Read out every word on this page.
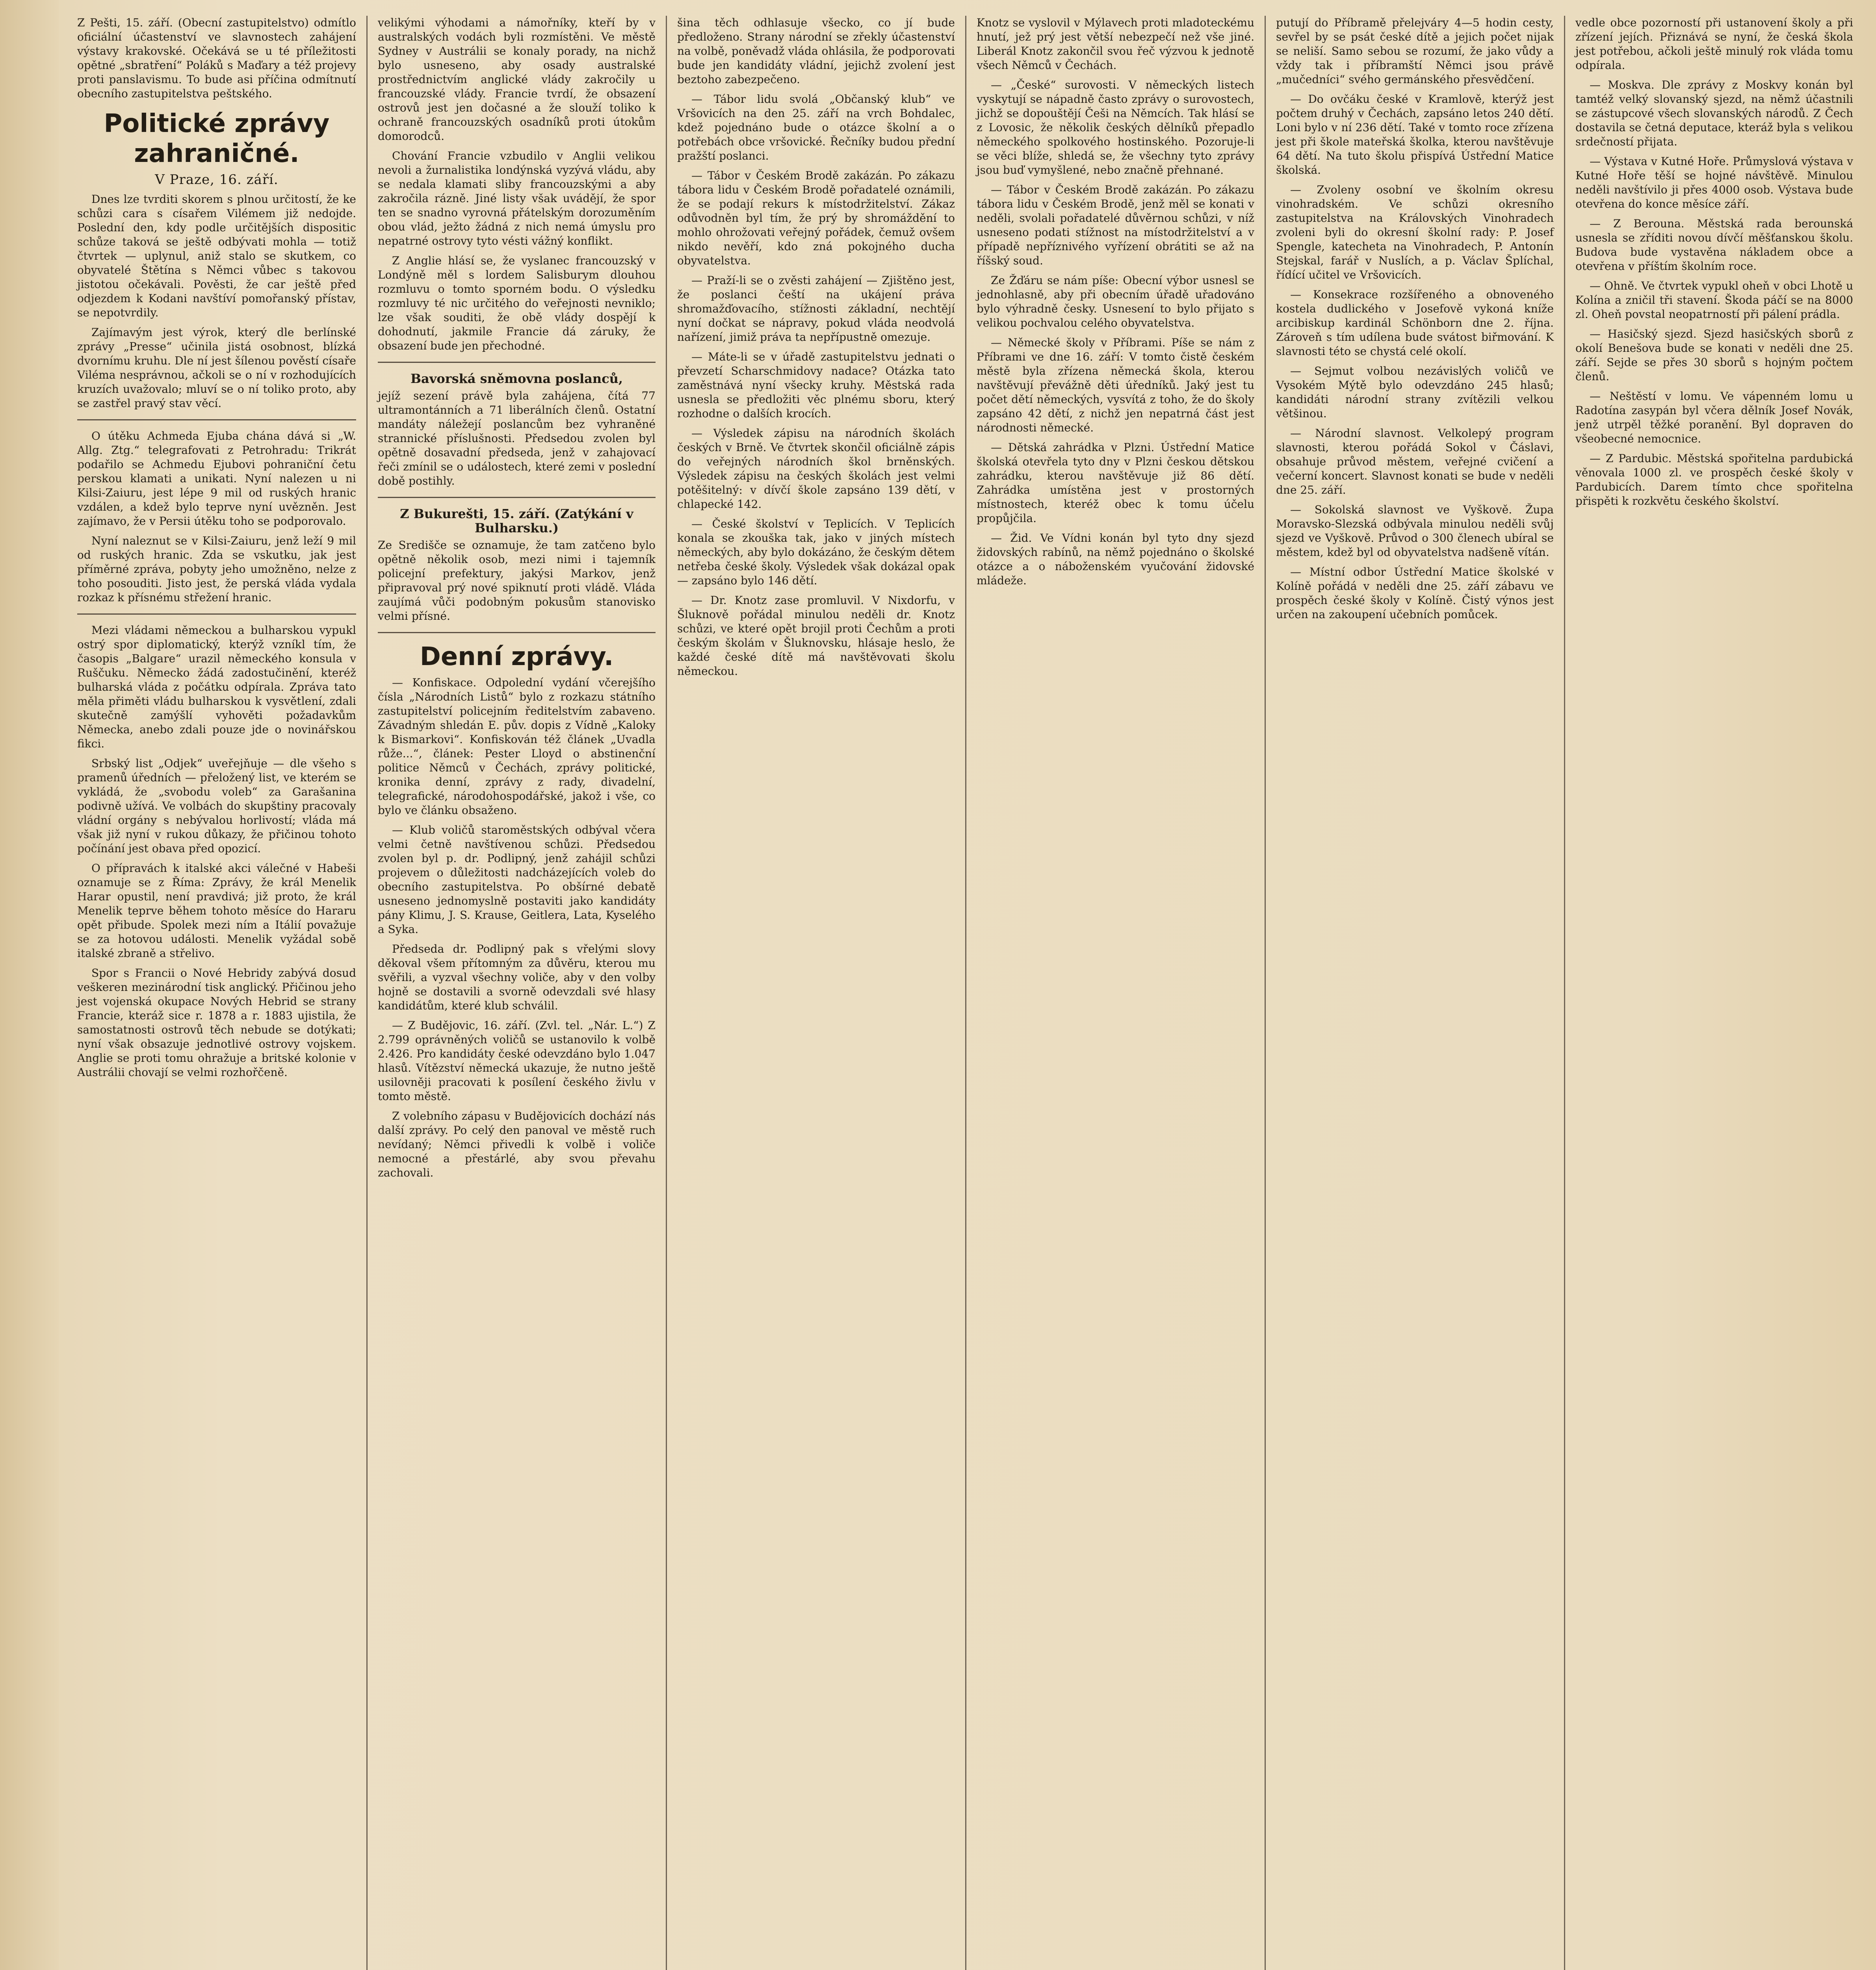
Z Pešti, 15. září. (Obecní zastupitelstvo) odmítlo oficiální účastenství ve slavnostech zahájení výstavy krakovské. Očekává se u té příležitosti opětné „sbratření“ Poláků s Maďary a též projevy proti panslavismu. To bude asi příčina odmítnutí obecního zastupitelstva peštského.

Politické zprávy zahraničné.
V Praze, 16. září.

Dnes lze tvrditi skorem s plnou určitostí, že ke schůzi cara s císařem Vilémem již nedojde. Poslední den, kdy podle určitějších dispositic schůze taková se ještě odbývati mohla — totiž čtvrtek — uplynul, aniž stalo se skutkem, co obyvatelé Štětína s Němci vůbec s takovou jistotou očekávali. Pověsti, že car ještě před odjezdem k Kodani navštíví pomořanský přístav, se nepotvrdily.

Zajímavým jest výrok, který dle berlínské zprávy „Presse“ učinila jistá osobnost, blízká dvornímu kruhu. Dle ní jest šílenou pověstí císaře Viléma nesprávnou, ačkoli se o ní v rozhodujících kruzích uvažovalo; mluví se o ní toliko proto, aby se zastřel pravý stav věcí.

O útěku Achmeda Ejuba chána dává si „W. Allg. Ztg.“ telegrafovati z Petrohradu: Trikrát podařilo se Achmedu Ejubovi pohraniční četu perskou klamati a unikati. Nyní nalezen u ni Kilsi-Zaiuru, jest lépe 9 mil od ruských hranic vzdálen, a kdež bylo teprve nyní uvězněn. Jest zajímavo, že v Persii útěku toho se podporovalo.

Nyní naleznut se v Kilsi-Zaiuru, jenž leží 9 mil od ruských hranic. Zda se vskutku, jak jest příměrné zpráva, pobyty jeho umožněno, nelze z toho posouditi. Jisto jest, že perská vláda vydala rozkaz k přísnému střežení hranic.

Mezi vládami německou a bulharskou vypukl ostrý spor diplomatický, kterýž vzníkl tím, že časopis „Balgare“ urazil německého konsula v Ruščuku. Německo žádá zadostučinění, kteréž bulharská vláda z počátku odpírala. Zpráva tato měla přiměti vládu bulharskou k vysvětlení, zdali skutečně zamýšlí vyhověti požadavkům Německa, anebo zdali pouze jde o novinářskou fikci.

Srbský list „Odjek“ uveřejňuje — dle všeho s pramenů úředních — přeložený list, ve kterém se vykládá, že „svobodu voleb“ za Garašanina podivně užívá. Ve volbách do skupštiny pracovaly vládní orgány s nebývalou horlivostí; vláda má však již nyní v rukou důkazy, že přičinou tohoto počínání jest obava před opozicí.

O přípravách k italské akci válečné v Habeši oznamuje se z Říma: Zprávy, že král Menelik Harar opustil, není pravdivá; již proto, že král Menelik teprve během tohoto měsíce do Hararu opět přibude. Spolek mezi ním a Itálií považuje se za hotovou události. Menelik vyžádal sobě italské zbraně a střelivo.

Spor s Francii o Nové Hebridy zabývá dosud veškeren mezinárodní tisk anglický. Přičinou jeho jest vojenská okupace Nových Hebrid se strany Francie, kteráž sice r. 1878 a r. 1883 ujistila, že samostatnosti ostrovů těch nebude se dotýkati; nyní však obsazuje jednotlivé ostrovy vojskem. Anglie se proti tomu ohražuje a britské kolonie v Austrálii chovají se velmi rozhořčeně.

velikými výhodami a námořníky, kteří by v australských vodách byli rozmístěni. Ve městě Sydney v Austrálii se konaly porady, na nichž bylo usneseno, aby osady australské prostřednictvím anglické vlády zakročily u francouzské vlády. Francie tvrdí, že obsazení ostrovů jest jen dočasné a že slouží toliko k ochraně francouzských osadníků proti útokům domorodců.

Chování Francie vzbudilo v Anglii velikou nevoli a žurnalistika londýnská vyzývá vládu, aby se nedala klamati sliby francouzskými a aby zakročila rázně. Jiné listy však uvádějí, že spor ten se snadno vyrovná přátelským dorozuměním obou vlád, ježto žádná z nich nemá úmyslu pro nepatrné ostrovy tyto vésti vážný konflikt.

Z Anglie hlásí se, že vyslanec francouzský v Londýně měl s lordem Salisburym dlouhou rozmluvu o tomto sporném bodu. O výsledku rozmluvy té nic určitého do veřejnosti nevniklo; lze však souditi, že obě vlády dospějí k dohodnutí, jakmile Francie dá záruky, že obsazení bude jen přechodné.

Bavorská sněmovna poslanců,

jejíž sezení právě byla zahájena, čítá 77 ultramontánních a 71 liberálních členů. Ostatní mandáty náležejí poslancům bez vyhraněné strannické příslušnosti. Předsedou zvolen byl opětně dosavadní předseda, jenž v zahajovací řeči zmínil se o událostech, které zemi v poslední době postihly.

Z Bukurešti, 15. září. (Zatýkání v Bulharsku.)

Ze Središče se oznamuje, že tam zatčeno bylo opětně několik osob, mezi nimi i tajemník policejní prefektury, jakýsi Markov, jenž připravoval prý nové spiknutí proti vládě. Vláda zaujímá vůči podobným pokusům stanovisko velmi přísné.

Denní zprávy.

— Konfiskace. Odpolední vydání včerejšího čísla „Národních Listů“ bylo z rozkazu státního zastupitelství policejním ředitelstvím zabaveno. Závadným shledán E. pův. dopis z Vídně „Kaloky k Bismarkovi“. Konfiskován též článek „Uvadla růže...“, článek: Pester Lloyd o abstinenční politice Němců v Čechách, zprávy politické, kronika denní, zprávy z rady, divadelní, telegrafické, národohospodářské, jakož i vše, co bylo ve článku obsaženo.

— Klub voličů staroměstských odbýval včera velmi četně navštívenou schůzi. Předsedou zvolen byl p. dr. Podlipný, jenž zahájil schůzi projevem o důležitosti nadcházejících voleb do obecního zastupitelstva. Po obšírné debatě usneseno jednomyslně postaviti jako kandidáty pány Klimu, J. S. Krause, Geitlera, Lata, Kyselého a Syka.

Předseda dr. Podlipný pak s vřelými slovy děkoval všem přítomným za důvěru, kterou mu svěřili, a vyzval všechny voliče, aby v den volby hojně se dostavili a svorně odevzdali své hlasy kandidátům, které klub schválil.

— Z Budějovic, 16. září. (Zvl. tel. „Nár. L.“) Z 2.799 oprávněných voličů se ustanovilo k volbě 2.426. Pro kandidáty české odevzdáno bylo 1.047 hlasů. Vítězství německá ukazuje, že nutno ještě usilovněji pracovati k posílení českého živlu v tomto městě.

Z volebního zápasu v Budějovicích dochází nás další zprávy. Po celý den panoval ve městě ruch nevídaný; Němci přivedli k volbě i voliče nemocné a přestárlé, aby svou převahu zachovali.

šina těch odhlasuje všecko, co jí bude předloženo. Strany národní se zřekly účastenství na volbě, poněvadž vláda ohlásila, že podporovati bude jen kandidáty vládní, jejichž zvolení jest beztoho zabezpečeno.

— Tábor lidu svolá „Občanský klub“ ve Vršovicích na den 25. září na vrch Bohdalec, kdež pojednáno bude o otázce školní a o potřebách obce vršovické. Řečníky budou přední pražští poslanci.

— Tábor v Českém Brodě zakázán. Po zákazu tábora lidu v Českém Brodě pořadatelé oznámili, že se podají rekurs k místodržitelství. Zákaz odůvodněn byl tím, že prý by shromáždění to mohlo ohrožovati veřejný pořádek, čemuž ovšem nikdo nevěří, kdo zná pokojného ducha obyvatelstva.

— Praží-li se o zvěsti zahájení — Zjištěno jest, že poslanci čeští na ukájení práva shromažďovacího, stížnosti základní, nechtějí nyní dočkat se nápravy, pokud vláda neodvolá nařízení, jimiž práva ta nepřípustně omezuje.

— Máte-li se v úřadě zastupitelstvu jednati o převzetí Scharschmidovy nadace? Otázka tato zaměstnává nyní všecky kruhy. Městská rada usnesla se předložiti věc plnému sboru, který rozhodne o dalších krocích.

— Výsledek zápisu na národních školách českých v Brně. Ve čtvrtek skončil oficiálně zápis do veřejných národních škol brněnských. Výsledek zápisu na českých školách jest velmi potěšitelný: v dívčí škole zapsáno 139 dětí, v chlapecké 142.

— České školství v Teplicích. V Teplicích konala se zkouška tak, jako v jiných místech německých, aby bylo dokázáno, že českým dětem netřeba české školy. Výsledek však dokázal opak — zapsáno bylo 146 dětí.

— Dr. Knotz zase promluvil. V Nixdorfu, v Šluknově pořádal minulou neděli dr. Knotz schůzi, ve které opět brojil proti Čechům a proti českým školám v Šluknovsku, hlásaje heslo, že každé české dítě má navštěvovati školu německou.

Knotz se vyslovil v Mýlavech proti mladoteckému hnutí, jež prý jest větší nebezpečí než vše jiné. Liberál Knotz zakončil svou řeč výzvou k jednotě všech Němců v Čechách.

— „České“ surovosti. V německých listech vyskytují se nápadně často zprávy o surovostech, jichž se dopouštějí Češi na Němcích. Tak hlásí se z Lovosic, že několik českých dělníků přepadlo německého spolkového hostinského. Pozoruje-li se věci blíže, shledá se, že všechny tyto zprávy jsou buď vymyšlené, nebo značně přehnané.

— Tábor v Českém Brodě zakázán. Po zákazu tábora lidu v Českém Brodě, jenž měl se konati v neděli, svolali pořadatelé důvěrnou schůzi, v níž usneseno podati stížnost na místodržitelství a v případě nepříznivého vyřízení obrátiti se až na říšský soud.

Ze Žďáru se nám píše: Obecní výbor usnesl se jednohlasně, aby při obecním úřadě uřadováno bylo výhradně česky. Usnesení to bylo přijato s velikou pochvalou celého obyvatelstva.

— Německé školy v Příbrami. Píše se nám z Příbrami ve dne 16. září: V tomto čistě českém městě byla zřízena německá škola, kterou navštěvují převážně děti úředníků. Jaký jest tu počet dětí německých, vysvítá z toho, že do školy zapsáno 42 dětí, z nichž jen nepatrná část jest národnosti německé.

— Dětská zahrádka v Plzni. Ústřední Matice školská otevřela tyto dny v Plzni českou dětskou zahrádku, kterou navštěvuje již 86 dětí. Zahrádka umístěna jest v prostorných místnostech, kteréž obec k tomu účelu propůjčila.

— Žid. Ve Vídni konán byl tyto dny sjezd židovských rabínů, na němž pojednáno o školské otázce a o náboženském vyučování židovské mládeže.

putují do Příbramě přelejváry 4—5 hodin cesty, sevřel by se psát české dítě a jejich počet nijak se neliší. Samo sebou se rozumí, že jako vůdy a vždy tak i příbramští Němci jsou právě „mučedníci“ svého germánského přesvědčení.

— Do ovčáku české v Kramlově, kterýž jest počtem druhý v Čechách, zapsáno letos 240 dětí. Loni bylo v ní 236 dětí. Také v tomto roce zřízena jest při škole mateřská školka, kterou navštěvuje 64 dětí. Na tuto školu přispívá Ústřední Matice školská.

— Zvoleny osobní ve školním okresu vinohradském. Ve schůzi okresního zastupitelstva na Královských Vinohradech zvoleni byli do okresní školní rady: P. Josef Spengle, katecheta na Vinohradech, P. Antonín Stejskal, farář v Nuslích, a p. Václav Šplíchal, řídící učitel ve Vršovicích.

— Konsekrace rozšířeného a obnoveného kostela dudlického v Josefově vykoná kníže arcibiskup kardinál Schönborn dne 2. října. Zároveň s tím udílena bude svátost biřmování. K slavnosti této se chystá celé okolí.

— Sejmut volbou nezávislých voličů ve Vysokém Mýtě bylo odevzdáno 245 hlasů; kandidáti národní strany zvítězili velkou většinou.

— Národní slavnost. Velkolepý program slavnosti, kterou pořádá Sokol v Čáslavi, obsahuje průvod městem, veřejné cvičení a večerní koncert. Slavnost konati se bude v neděli dne 25. září.

— Sokolská slavnost ve Vyškově. Župa Moravsko-Slezská odbývala minulou neděli svůj sjezd ve Vyškově. Průvod o 300 členech ubíral se městem, kdež byl od obyvatelstva nadšeně vítán.

— Místní odbor Ústřední Matice školské v Kolíně pořádá v neděli dne 25. září zábavu ve prospěch české školy v Kolíně. Čistý výnos jest určen na zakoupení učebních pomůcek.

vedle obce pozorností při ustanovení školy a při zřízení jejích. Přiznává se nyní, že česká škola jest potřebou, ačkoli ještě minulý rok vláda tomu odpírala.

— Moskva. Dle zprávy z Moskvy konán byl tamtéž velký slovanský sjezd, na němž účastnili se zástupcové všech slovanských národů. Z Čech dostavila se četná deputace, kteráž byla s velikou srdečností přijata.

— Výstava v Kutné Hoře. Průmyslová výstava v Kutné Hoře těší se hojné návštěvě. Minulou neděli navštívilo ji přes 4000 osob. Výstava bude otevřena do konce měsíce září.

— Z Berouna. Městská rada berounská usnesla se zříditi novou dívčí měšťanskou školu. Budova bude vystavěna nákladem obce a otevřena v příštím školním roce.

— Ohně. Ve čtvrtek vypukl oheň v obci Lhotě u Kolína a zničil tři stavení. Škoda páčí se na 8000 zl. Oheň povstal neopatrností při pálení prádla.

— Hasičský sjezd. Sjezd hasičských sborů z okolí Benešova bude se konati v neděli dne 25. září. Sejde se přes 30 sborů s hojným počtem členů.

— Neštěstí v lomu. Ve vápenném lomu u Radotína zasypán byl včera dělník Josef Novák, jenž utrpěl těžké poranění. Byl dopraven do všeobecné nemocnice.

— Z Pardubic. Městská spořitelna pardubická věnovala 1000 zl. ve prospěch české školy v Pardubicích. Darem tímto chce spořitelna přispěti k rozkvětu českého školství.
